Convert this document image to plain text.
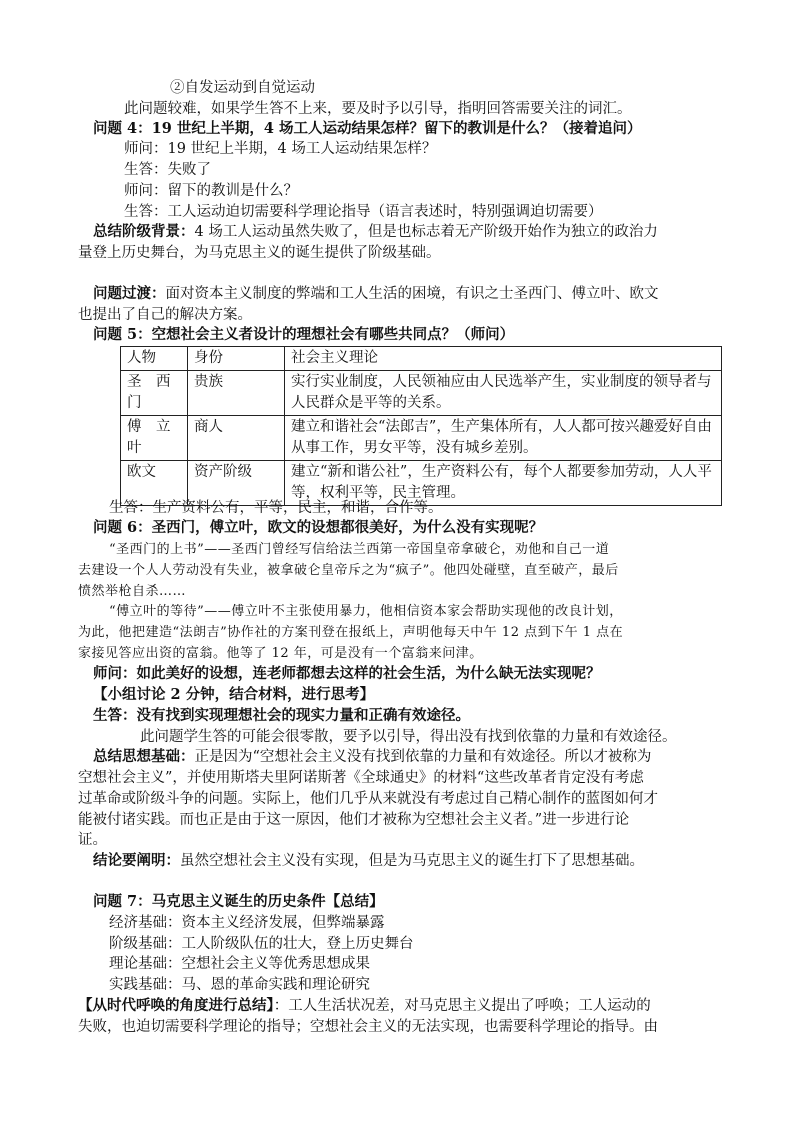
②自发运动到自觉运动
此问题较难，如果学生答不上来，要及时予以引导，指明回答需要关注的词汇。
问题 4：19 世纪上半期，4 场工人运动结果怎样？留下的教训是什么？（接着追问）
师问：19 世纪上半期，4 场工人运动结果怎样？
生答：失败了
师问：留下的教训是什么？
生答：工人运动迫切需要科学理论指导（语言表述时，特别强调迫切需要）
总结阶级背景：4 场工人运动虽然失败了，但是也标志着无产阶级开始作为独立的政治力
量登上历史舞台，为马克思主义的诞生提供了阶级基础。
问题过渡：面对资本主义制度的弊端和工人生活的困境，有识之士圣西门、傅立叶、欧文
也提出了自己的解决方案。
问题 5：空想社会主义者设计的理想社会有哪些共同点？（师问）
人物	身份	社会主义理论
圣　西门	贵族	实行实业制度，人民领袖应由人民选举产生，实业制度的领导者与人民群众是平等的关系。
傅　立叶	商人	建立和谐社会“法郎吉”，生产集体所有，人人都可按兴趣爱好自由从事工作，男女平等，没有城乡差别。
欧文	资产阶级	建立“新和谐公社”，生产资料公有，每个人都要参加劳动，人人平等，权利平等，民主管理。
生答：生产资料公有，平等，民主，和谐，合作等。
问题 6：圣西门，傅立叶，欧文的设想都很美好，为什么没有实现呢？
“圣西门的上书”——圣西门曾经写信给法兰西第一帝国皇帝拿破仑，劝他和自己一道
去建设一个人人劳动没有失业，被拿破仑皇帝斥之为“疯子”。他四处碰壁，直至破产，最后
愤然举枪自杀……
“傅立叶的等待”——傅立叶不主张使用暴力，他相信资本家会帮助实现他的改良计划，
为此，他把建造“法朗吉”协作社的方案刊登在报纸上，声明他每天中午 12 点到下午 1 点在
家接见答应出资的富翁。他等了 12 年，可是没有一个富翁来问津。
师问：如此美好的设想，连老师都想去这样的社会生活，为什么缺无法实现呢？
【小组讨论 2 分钟，结合材料，进行思考】
生答：没有找到实现理想社会的现实力量和正确有效途径。
此问题学生答的可能会很零散，要予以引导，得出没有找到依靠的力量和有效途径。
总结思想基础：正是因为“空想社会主义没有找到依靠的力量和有效途径。所以才被称为
空想社会主义”，并使用斯塔夫里阿诺斯著《全球通史》的材料“这些改革者肯定没有考虑
过革命或阶级斗争的问题。实际上，他们几乎从来就没有考虑过自己精心制作的蓝图如何才
能被付诸实践。而也正是由于这一原因，他们才被称为空想社会主义者。”进一步进行论
证。
结论要阐明：虽然空想社会主义没有实现，但是为马克思主义的诞生打下了思想基础。
问题 7：马克思主义诞生的历史条件【总结】
经济基础：资本主义经济发展，但弊端暴露
阶级基础：工人阶级队伍的壮大，登上历史舞台
理论基础：空想社会主义等优秀思想成果
实践基础：马、恩的革命实践和理论研究
【从时代呼唤的角度进行总结】：工人生活状况差，对马克思主义提出了呼唤；工人运动的
失败，也迫切需要科学理论的指导；空想社会主义的无法实现，也需要科学理论的指导。由
